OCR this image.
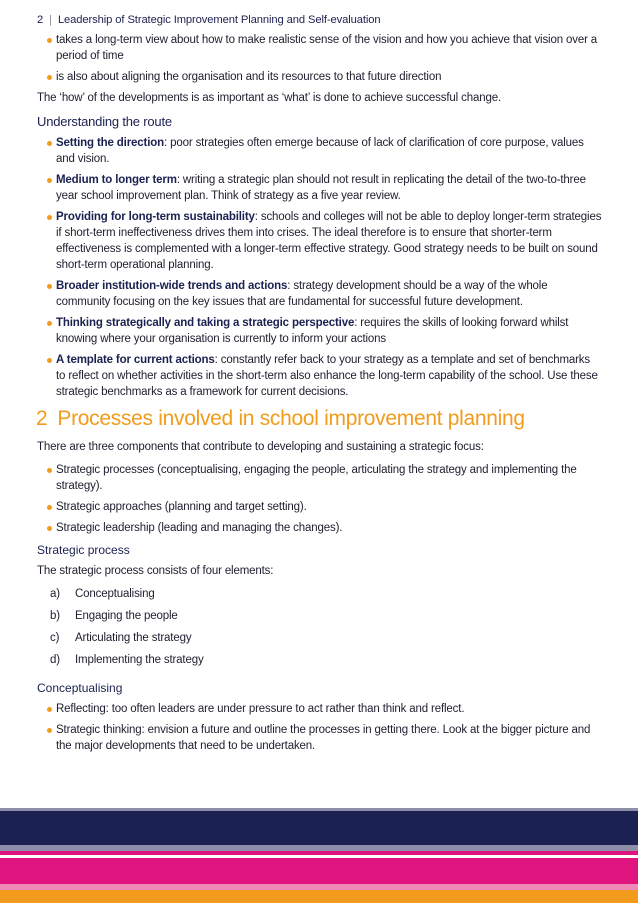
2 | Leadership of Strategic Improvement Planning and Self-evaluation
takes a long-term view about how to make realistic sense of the vision and how you achieve that vision over a period of time
is also about aligning the organisation and its resources to that future direction

The ‘how’ of the developments is as important as ‘what’ is done to achieve successful change.

Understanding the route
Setting the direction: poor strategies often emerge because of lack of clarification of core purpose, values and vision.
Medium to longer term: writing a strategic plan should not result in replicating the detail of the two-to-three year school improvement plan. Think of strategy as a five year review.
Providing for long-term sustainability: schools and colleges will not be able to deploy longer-term strategies if short-term ineffectiveness drives them into crises. The ideal therefore is to ensure that shorter-term effectiveness is complemented with a longer-term effective strategy. Good strategy needs to be built on sound short-term operational planning.
Broader institution-wide trends and actions: strategy development should be a way of the whole community focusing on the key issues that are fundamental for successful future development.
Thinking strategically and taking a strategic perspective: requires the skills of looking forward whilst knowing where your organisation is currently to inform your actions
A template for current actions: constantly refer back to your strategy as a template and set of benchmarks to reflect on whether activities in the short-term also enhance the long-term capability of the school. Use these strategic benchmarks as a framework for current decisions.
2 Processes involved in school improvement planning

There are three components that contribute to developing and sustaining a strategic focus:

Strategic processes (conceptualising, engaging the people, articulating the strategy and implementing the strategy).
Strategic approaches (planning and target setting).
Strategic leadership (leading and managing the changes).
Strategic process

The strategic process consists of four elements:

a)	Conceptualising
b)	Engaging the people
c)	Articulating the strategy
d)	Implementing the strategy
Conceptualising
Reflecting: too often leaders are under pressure to act rather than think and reflect.
Strategic thinking: envision a future and outline the processes in getting there. Look at the bigger picture and the major developments that need to be undertaken.
